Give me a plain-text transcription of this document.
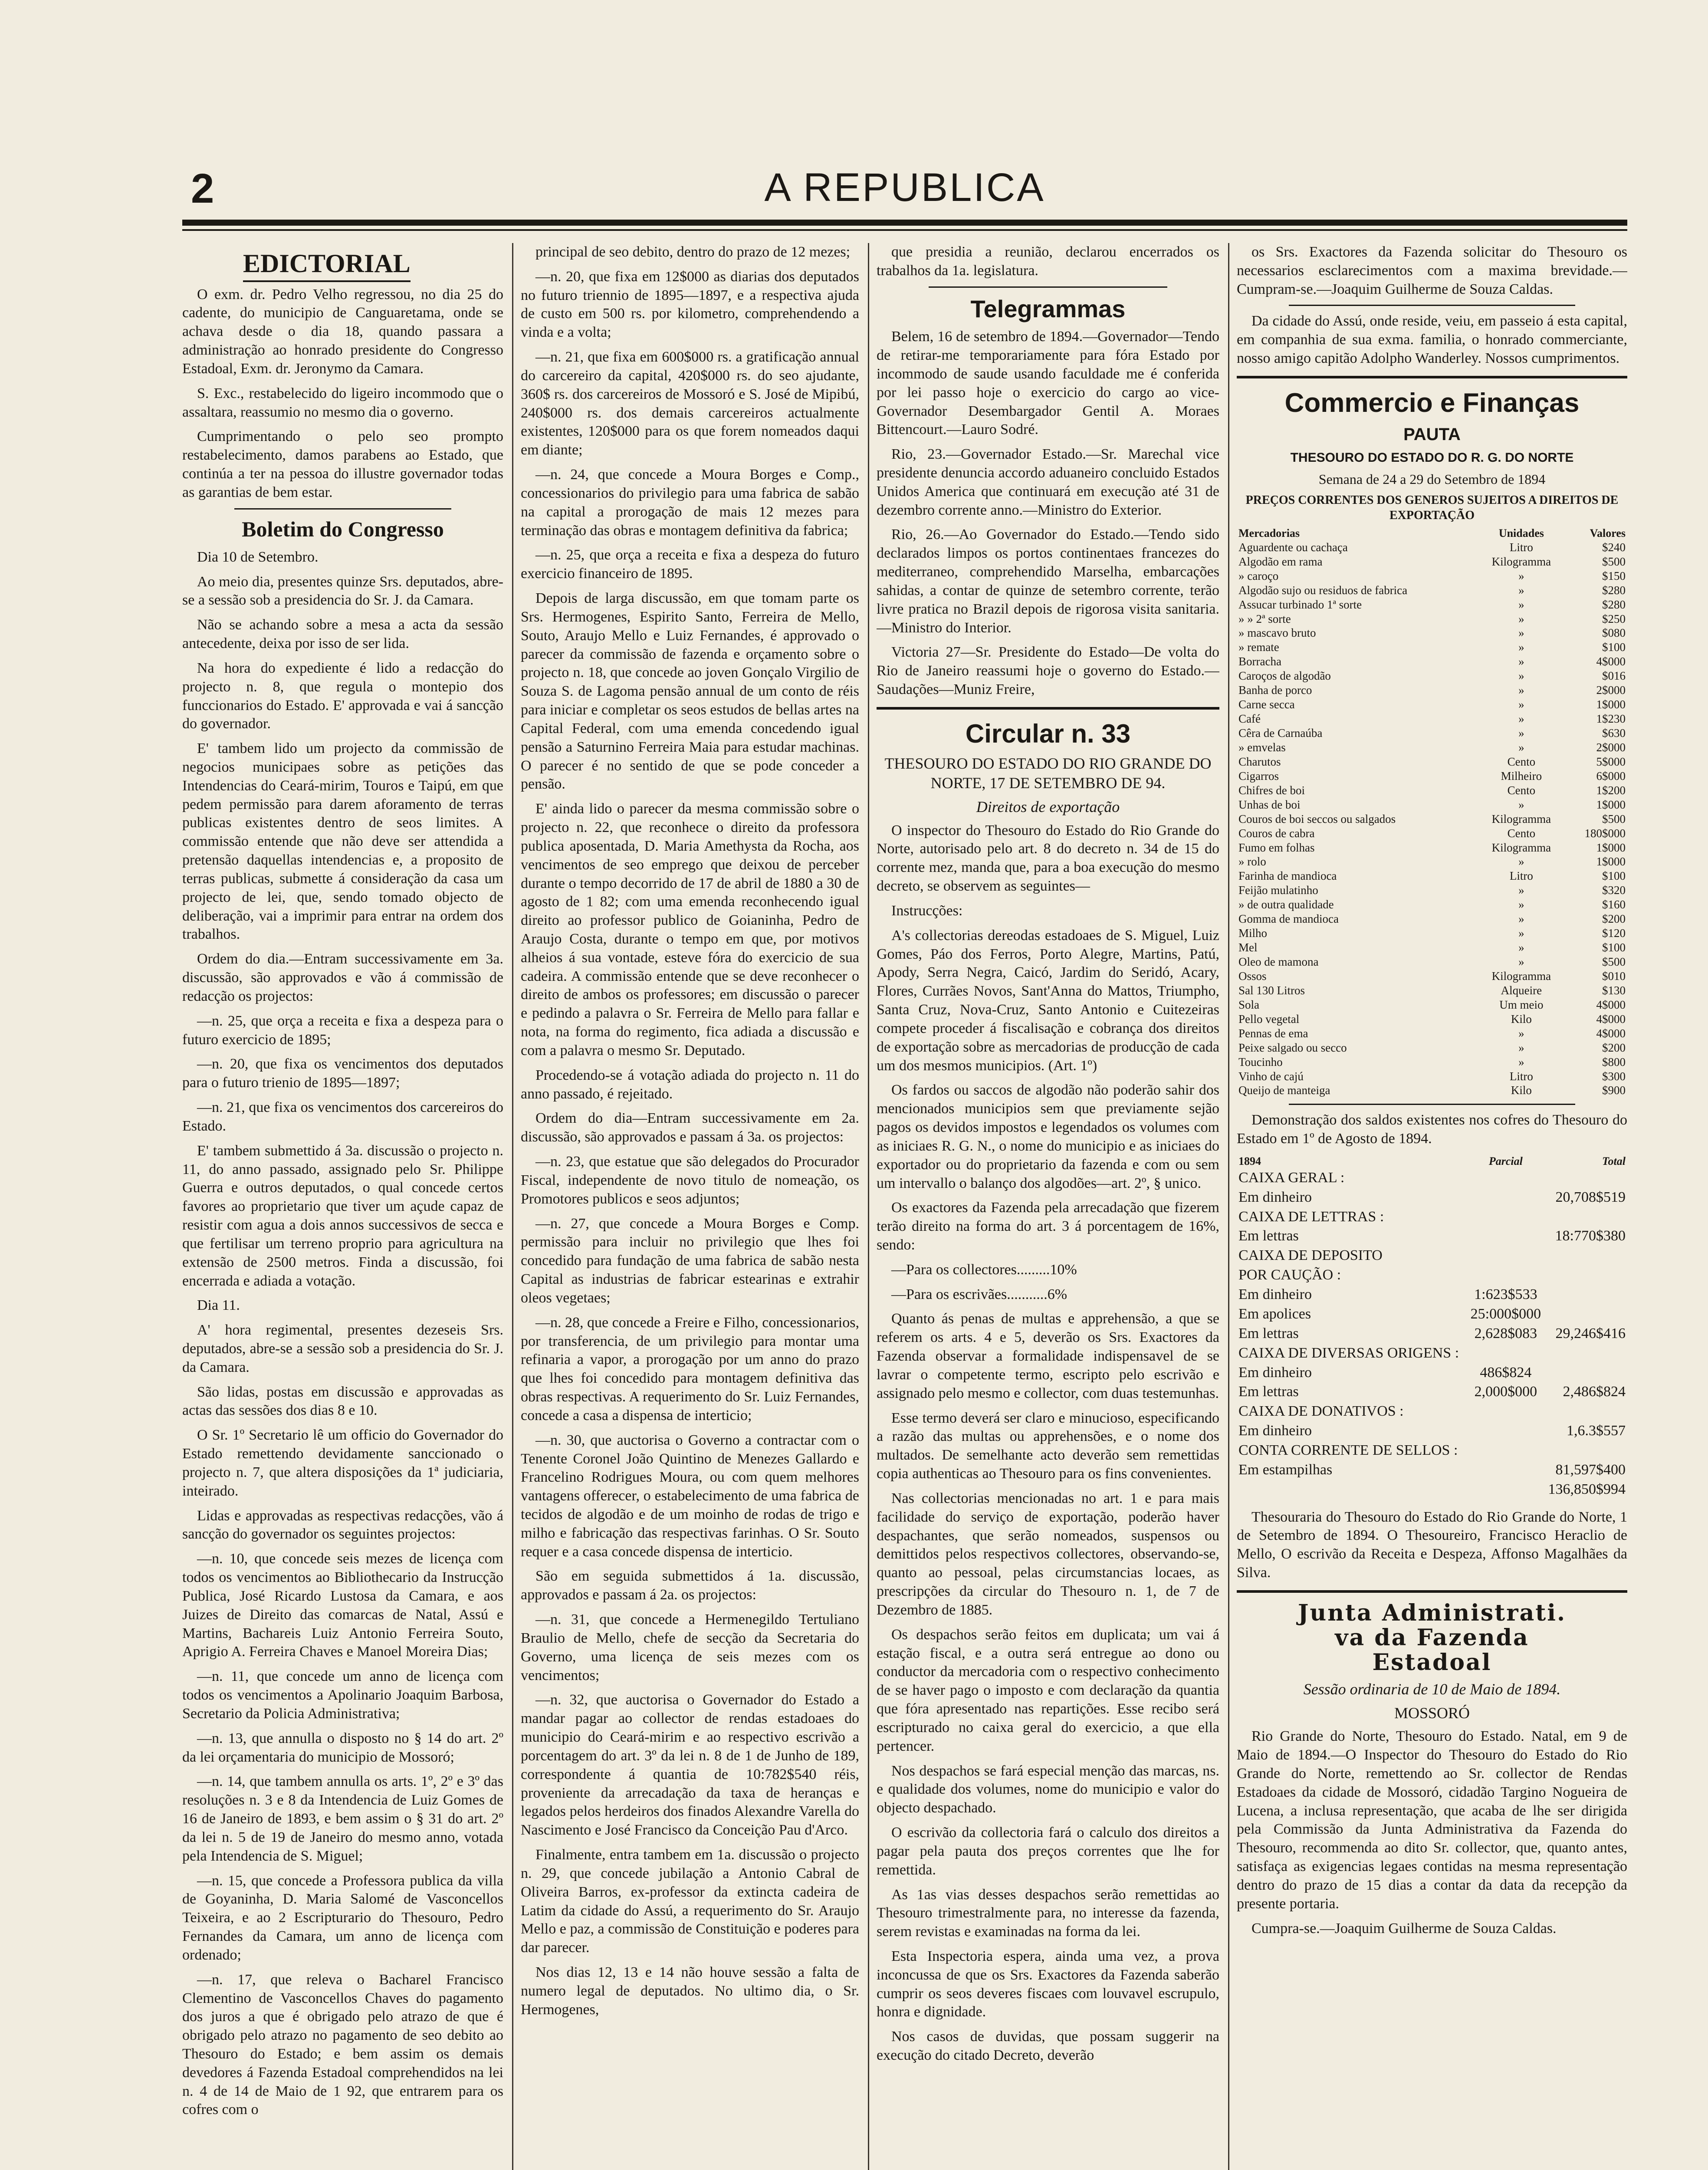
2	A REPUBLICA
EDICTORIAL

O exm. dr. Pedro Velho regressou, no dia 25 do cadente, do municipio de Canguaretama, onde se achava desde o dia 18, quando passara a administração ao honrado presidente do Congresso Estadoal, Exm. dr. Jeronymo da Camara.

S. Exc., restabelecido do ligeiro incommodo que o assaltara, reassumio no mesmo dia o governo.

Cumprimentando o pelo seo prompto restabelecimento, damos parabens ao Estado, que continúa a ter na pessoa do illustre governador todas as garantias de bem estar.

Boletim do Congresso

Dia 10 de Setembro.

Ao meio dia, presentes quinze Srs. deputados, abre-se a sessão sob a presidencia do Sr. J. da Camara.

Não se achando sobre a mesa a acta da sessão antecedente, deixa por isso de ser lida.

Na hora do expediente é lido a redacção do projecto n. 8, que regula o montepio dos funccionarios do Estado. E' approvada e vai á sancção do governador.

E' tambem lido um projecto da commissão de negocios municipaes sobre as petições das Intendencias do Ceará-mirim, Touros e Taipú, em que pedem permissão para darem aforamento de terras publicas existentes dentro de seos limites. A commissão entende que não deve ser attendida a pretensão daquellas intendencias e, a proposito de terras publicas, submette á consideração da casa um projecto de lei, que, sendo tomado objecto de deliberação, vai a imprimir para entrar na ordem dos trabalhos.

Ordem do dia.—Entram successivamente em 3a. discussão, são approvados e vão á commissão de redacção os projectos:

—n. 25, que orça a receita e fixa a despeza para o futuro exercicio de 1895;

—n. 20, que fixa os vencimentos dos deputados para o futuro trienio de 1895—1897;

—n. 21, que fixa os vencimentos dos carcereiros do Estado.

E' tambem submettido á 3a. discussão o projecto n. 11, do anno passado, assignado pelo Sr. Philippe Guerra e outros deputados, o qual concede certos favores ao proprietario que tiver um açude capaz de resistir com agua a dois annos successivos de secca e que fertilisar um terreno proprio para agricultura na extensão de 2500 metros. Finda a discussão, foi encerrada e adiada a votação.

Dia 11.

A' hora regimental, presentes dezeseis Srs. deputados, abre-se a sessão sob a presidencia do Sr. J. da Camara.

São lidas, postas em discussão e approvadas as actas das sessões dos dias 8 e 10.

O Sr. 1º Secretario lê um officio do Governador do Estado remettendo devidamente sanccionado o projecto n. 7, que altera disposições da 1ª judiciaria, inteirado.

Lidas e approvadas as respectivas redacções, vão á sancção do governador os seguintes projectos:

—n. 10, que concede seis mezes de licença com todos os vencimentos ao Bibliothecario da Instrucção Publica, José Ricardo Lustosa da Camara, e aos Juizes de Direito das comarcas de Natal, Assú e Martins, Bachareis Luiz Antonio Ferreira Souto, Aprigio A. Ferreira Chaves e Manoel Moreira Dias;

—n. 11, que concede um anno de licença com todos os vencimentos a Apolinario Joaquim Barbosa, Secretario da Policia Administrativa;

—n. 13, que annulla o disposto no § 14 do art. 2º da lei orçamentaria do municipio de Mossoró;

—n. 14, que tambem annulla os arts. 1º, 2º e 3º das resoluções n. 3 e 8 da Intendencia de Luiz Gomes de 16 de Janeiro de 1893, e bem assim o § 31 do art. 2º da lei n. 5 de 19 de Janeiro do mesmo anno, votada pela Intendencia de S. Miguel;

—n. 15, que concede a Professora publica da villa de Goyaninha, D. Maria Salomé de Vasconcellos Teixeira, e ao 2 Escripturario do Thesouro, Pedro Fernandes da Camara, um anno de licença com ordenado;

—n. 17, que releva o Bacharel Francisco Clementino de Vasconcellos Chaves do pagamento dos juros a que é obrigado pelo atrazo de que é obrigado pelo atrazo no pagamento de seo debito ao Thesouro do Estado; e bem assim os demais devedores á Fazenda Estadoal comprehendidos na lei n. 4 de 14 de Maio de 1 92, que entrarem para os cofres com o

principal de seo debito, dentro do prazo de 12 mezes;

—n. 20, que fixa em 12$000 as diarias dos deputados no futuro triennio de 1895—1897, e a respectiva ajuda de custo em 500 rs. por kilometro, comprehendendo a vinda e a volta;

—n. 21, que fixa em 600$000 rs. a gratificação annual do carcereiro da capital, 420$000 rs. do seo ajudante, 360$ rs. dos carcereiros de Mossoró e S. José de Mipibú, 240$000 rs. dos demais carcereiros actualmente existentes, 120$000 para os que forem nomeados daqui em diante;

—n. 24, que concede a Moura Borges e Comp., concessionarios do privilegio para uma fabrica de sabão na capital a prorogação de mais 12 mezes para terminação das obras e montagem definitiva da fabrica;

—n. 25, que orça a receita e fixa a despeza do futuro exercicio financeiro de 1895.

Depois de larga discussão, em que tomam parte os Srs. Hermogenes, Espirito Santo, Ferreira de Mello, Souto, Araujo Mello e Luiz Fernandes, é approvado o parecer da commissão de fazenda e orçamento sobre o projecto n. 18, que concede ao joven Gonçalo Virgilio de Souza S. de Lagoma pensão annual de um conto de réis para iniciar e completar os seos estudos de bellas artes na Capital Federal, com uma emenda concedendo igual pensão a Saturnino Ferreira Maia para estudar machinas. O parecer é no sentido de que se pode conceder a pensão.

E' ainda lido o parecer da mesma commissão sobre o projecto n. 22, que reconhece o direito da professora publica aposentada, D. Maria Amethysta da Rocha, aos vencimentos de seo emprego que deixou de perceber durante o tempo decorrido de 17 de abril de 1880 a 30 de agosto de 1 82; com uma emenda reconhecendo igual direito ao professor publico de Goianinha, Pedro de Araujo Costa, durante o tempo em que, por motivos alheios á sua vontade, esteve fóra do exercicio de sua cadeira. A commissão entende que se deve reconhecer o direito de ambos os professores; em discussão o parecer e pedindo a palavra o Sr. Ferreira de Mello para fallar e nota, na forma do regimento, fica adiada a discussão e com a palavra o mesmo Sr. Deputado.

Procedendo-se á votação adiada do projecto n. 11 do anno passado, é rejeitado.

Ordem do dia—Entram successivamente em 2a. discussão, são approvados e passam á 3a. os projectos:

—n. 23, que estatue que são delegados do Procurador Fiscal, independente de novo titulo de nomeação, os Promotores publicos e seos adjuntos;

—n. 27, que concede a Moura Borges e Comp. permissão para incluir no privilegio que lhes foi concedido para fundação de uma fabrica de sabão nesta Capital as industrias de fabricar estearinas e extrahir oleos vegetaes;

—n. 28, que concede a Freire e Filho, concessionarios, por transferencia, de um privilegio para montar uma refinaria a vapor, a prorogação por um anno do prazo que lhes foi concedido para montagem definitiva das obras respectivas. A requerimento do Sr. Luiz Fernandes, concede a casa a dispensa de interticio;

—n. 30, que auctorisa o Governo a contractar com o Tenente Coronel João Quintino de Menezes Gallardo e Francelino Rodrigues Moura, ou com quem melhores vantagens offerecer, o estabelecimento de uma fabrica de tecidos de algodão e de um moinho de rodas de trigo e milho e fabricação das respectivas farinhas. O Sr. Souto requer e a casa concede dispensa de interticio.

São em seguida submettidos á 1a. discussão, approvados e passam á 2a. os projectos:

—n. 31, que concede a Hermenegildo Tertuliano Braulio de Mello, chefe de secção da Secretaria do Governo, uma licença de seis mezes com os vencimentos;

—n. 32, que auctorisa o Governador do Estado a mandar pagar ao collector de rendas estadoaes do municipio do Ceará-mirim e ao respectivo escrivão a porcentagem do art. 3º da lei n. 8 de 1 de Junho de 189, correspondente á quantia de 10:782$540 réis, proveniente da arrecadação da taxa de heranças e legados pelos herdeiros dos finados Alexandre Varella do Nascimento e José Francisco da Conceição Pau d'Arco.

Finalmente, entra tambem em 1a. discussão o projecto n. 29, que concede jubilação a Antonio Cabral de Oliveira Barros, ex-professor da extincta cadeira de Latim da cidade do Assú, a requerimento do Sr. Araujo Mello e paz, a commissão de Constituição e poderes para dar parecer.

Nos dias 12, 13 e 14 não houve sessão a falta de numero legal de deputados. No ultimo dia, o Sr. Hermogenes,

que presidia a reunião, declarou encerrados os trabalhos da 1a. legislatura.

Telegrammas

Belem, 16 de setembro de 1894.—Governador—Tendo de retirar-me temporariamente para fóra Estado por incommodo de saude usando faculdade me é conferida por lei passo hoje o exercicio do cargo ao vice-Governador Desembargador Gentil A. Moraes Bittencourt.—Lauro Sodré.

Rio, 23.—Governador Estado.—Sr. Marechal vice presidente denuncia accordo aduaneiro concluido Estados Unidos America que continuará em execução até 31 de dezembro corrente anno.—Ministro do Exterior.

Rio, 26.—Ao Governador do Estado.—Tendo sido declarados limpos os portos continentaes francezes do mediterraneo, comprehendido Marselha, embarcações sahidas, a contar de quinze de setembro corrente, terão livre pratica no Brazil depois de rigorosa visita sanitaria.—Ministro do Interior.

Victoria 27—Sr. Presidente do Estado—De volta do Rio de Janeiro reassumi hoje o governo do Estado.—Saudações—Muniz Freire,

Circular n. 33
THESOURO DO ESTADO DO RIO GRANDE DO NORTE, 17 DE SETEMBRO DE 94.
Direitos de exportação

O inspector do Thesouro do Estado do Rio Grande do Norte, autorisado pelo art. 8 do decreto n. 34 de 15 do corrente mez, manda que, para a boa execução do mesmo decreto, se observem as seguintes—

Instrucções:

A's collectorias dereodas estadoaes de S. Miguel, Luiz Gomes, Páo dos Ferros, Porto Alegre, Martins, Patú, Apody, Serra Negra, Caicó, Jardim do Seridó, Acary, Flores, Currães Novos, Sant'Anna do Mattos, Triumpho, Santa Cruz, Nova-Cruz, Santo Antonio e Cuitezeiras compete proceder á fiscalisação e cobrança dos direitos de exportação sobre as mercadorias de producção de cada um dos mesmos municipios. (Art. 1º)

Os fardos ou saccos de algodão não poderão sahir dos mencionados municipios sem que previamente sejão pagos os devidos impostos e legendados os volumes com as iniciaes R. G. N., o nome do municipio e as iniciaes do exportador ou do proprietario da fazenda e com ou sem um intervallo o balanço dos algodões—art. 2º, § unico.

Os exactores da Fazenda pela arrecadação que fizerem terão direito na forma do art. 3 á porcentagem de 16%, sendo:

—Para os collectores.........10%

—Para os escrivães...........6%

Quanto ás penas de multas e apprehensão, a que se referem os arts. 4 e 5, deverão os Srs. Exactores da Fazenda observar a formalidade indispensavel de se lavrar o competente termo, escripto pelo escrivão e assignado pelo mesmo e collector, com duas testemunhas.

Esse termo deverá ser claro e minucioso, especificando a razão das multas ou apprehensões, e o nome dos multados. De semelhante acto deverão sem remettidas copia authenticas ao Thesouro para os fins convenientes.

Nas collectorias mencionadas no art. 1 e para mais facilidade do serviço de exportação, poderão haver despachantes, que serão nomeados, suspensos ou demittidos pelos respectivos collectores, observando-se, quanto ao pessoal, pelas circumstancias locaes, as prescripções da circular do Thesouro n. 1, de 7 de Dezembro de 1885.

Os despachos serão feitos em duplicata; um vai á estação fiscal, e a outra será entregue ao dono ou conductor da mercadoria com o respectivo conhecimento de se haver pago o imposto e com declaração da quantia que fóra apresentado nas repartições. Esse recibo será escripturado no caixa geral do exercicio, a que ella pertencer.

Nos despachos se fará especial menção das marcas, ns. e qualidade dos volumes, nome do municipio e valor do objecto despachado.

O escrivão da collectoria fará o calculo dos direitos a pagar pela pauta dos preços correntes que lhe for remettida.

As 1as vias desses despachos serão remettidas ao Thesouro trimestralmente para, no interesse da fazenda, serem revistas e examinadas na forma da lei.

Esta Inspectoria espera, ainda uma vez, a prova inconcussa de que os Srs. Exactores da Fazenda saberão cumprir os seos deveres fiscaes com louvavel escrupulo, honra e dignidade.

Nos casos de duvidas, que possam suggerir na execução do citado Decreto, deverão

os Srs. Exactores da Fazenda solicitar do Thesouro os necessarios esclarecimentos com a maxima brevidade.—Cumpram-se.—Joaquim Guilherme de Souza Caldas.

Da cidade do Assú, onde reside, veiu, em passeio á esta capital, em companhia de sua exma. familia, o honrado commerciante, nosso amigo capitão Adolpho Wanderley. Nossos cumprimentos.

Commercio e Finanças
PAUTA
THESOURO DO ESTADO DO R. G. DO NORTE
Semana de 24 a 29 do Setembro de 1894
PREÇOS CORRENTES DOS GENEROS SUJEITOS A DIREITOS DE EXPORTAÇÃO
Mercadorias	Unidades	Valores
Aguardente ou cachaça	Litro	$240
Algodão em rama	Kilogramma	$500
» caroço	»	$150
Algodão sujo ou residuos de fabrica	»	$280
Assucar turbinado 1ª sorte	»	$280
» » 2ª sorte	»	$250
» mascavo bruto	»	$080
» remate	»	$100
Borracha	»	4$000
Caroços de algodão	»	$016
Banha de porco	»	2$000
Carne secca	»	1$000
Café	»	1$230
Cêra de Carnaúba	»	$630
» emvelas	»	2$000
Charutos	Cento	5$000
Cigarros	Milheiro	6$000
Chifres de boi	Cento	1$200
Unhas de boi	»	1$000
Couros de boi seccos ou salgados	Kilogramma	$500
Couros de cabra	Cento	180$000
Fumo em folhas	Kilogramma	1$000
» rolo	»	1$000
Farinha de mandioca	Litro	$100
Feijão mulatinho	»	$320
» de outra qualidade	»	$160
Gomma de mandioca	»	$200
Milho	»	$120
Mel	»	$100
Oleo de mamona	»	$500
Ossos	Kilogramma	$010
Sal 130 Litros	Alqueire	$130
Sola	Um meio	4$000
Pello vegetal	Kilo	4$000
Pennas de ema	»	4$000
Peixe salgado ou secco	»	$200
Toucinho	»	$800
Vinho de cajú	Litro	$300
Queijo de manteiga	Kilo	$900

Demonstração dos saldos existentes nos cofres do Thesouro do Estado em 1º de Agosto de 1894.

1894	Parcial	Total
CAIXA GERAL :		
Em dinheiro		20,708$519
CAIXA DE LETTRAS :		
Em lettras		18:770$380
CAIXA DE DEPOSITO		
POR CAUÇÃO :		
Em dinheiro	1:623$533	
Em apolices	25:000$000	
Em lettras	2,628$083	29,246$416
CAIXA DE DIVERSAS ORIGENS :		
Em dinheiro	486$824	
Em lettras	2,000$000	2,486$824
CAIXA DE DONATIVOS :		
Em dinheiro		1,6.3$557
CONTA CORRENTE DE SELLOS :		
Em estampilhas		81,597$400
		136,850$994

Thesouraria do Thesouro do Estado do Rio Grande do Norte, 1 de Setembro de 1894. O Thesoureiro, Francisco Heraclio de Mello, O escrivão da Receita e Despeza, Affonso Magalhães da Silva.

Junta Administrati.
va da Fazenda
Estadoal
Sessão ordinaria de 10 de Maio de 1894.
MOSSORÓ

Rio Grande do Norte, Thesouro do Estado. Natal, em 9 de Maio de 1894.—O Inspector do Thesouro do Estado do Rio Grande do Norte, remettendo ao Sr. collector de Rendas Estadoaes da cidade de Mossoró, cidadão Targino Nogueira de Lucena, a inclusa representação, que acaba de lhe ser dirigida pela Commissão da Junta Administrativa da Fazenda do Thesouro, recommenda ao dito Sr. collector, que, quanto antes, satisfaça as exigencias legaes contidas na mesma representação dentro do prazo de 15 dias a contar da data da recepção da presente portaria.

Cumpra-se.—Joaquim Guilherme de Souza Caldas.
